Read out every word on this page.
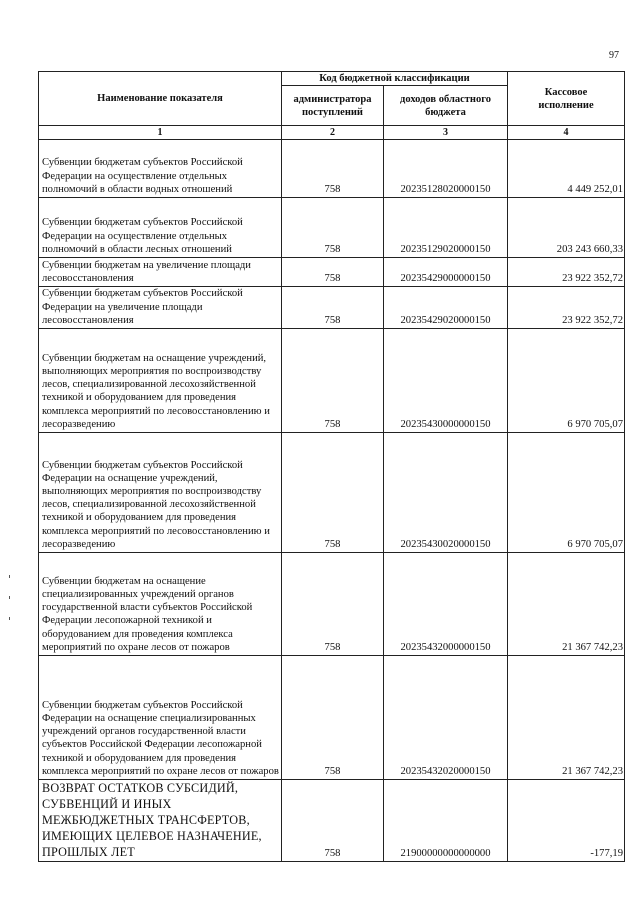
97
Наименование показателя	Код бюджетной классификации		Кассовое исполнение
	администратора поступлений	доходов областного бюджета	
1	2	3	4
Субвенции бюджетам субъектов Российской Федерации на осуществление отдельных полномочий в области водных отношений	758	20235128020000150	4 449 252,01
Субвенции бюджетам субъектов Российской Федерации на осуществление отдельных полномочий в области лесных отношений	758	20235129020000150	203 243 660,33
Субвенции бюджетам на увеличение площади лесовосстановления	758	20235429000000150	23 922 352,72
Субвенции бюджетам субъектов Российской Федерации на увеличение площади лесовосстановления	758	20235429020000150	23 922 352,72
Субвенции бюджетам на оснащение учреждений, выполняющих мероприятия по воспроизводству лесов, специализированной лесохозяйственной техникой и оборудованием для проведения комплекса мероприятий по лесовосстановлению и лесоразведению	758	20235430000000150	6 970 705,07
Субвенции бюджетам субъектов Российской Федерации на оснащение учреждений, выполняющих мероприятия по воспроизводству лесов, специализированной лесохозяйственной техникой и оборудованием для проведения комплекса мероприятий по лесовосстановлению и лесоразведению	758	20235430020000150	6 970 705,07
Субвенции бюджетам на оснащение специализированных учреждений органов государственной власти субъектов Российской Федерации лесопожарной техникой и оборудованием для проведения комплекса мероприятий по охране лесов от пожаров	758	20235432000000150	21 367 742,23
Субвенции бюджетам субъектов Российской Федерации на оснащение специализированных учреждений органов государственной власти субъектов Российской Федерации лесопожарной техникой и оборудованием для проведения комплекса мероприятий по охране лесов от пожаров	758	20235432020000150	21 367 742,23
ВОЗВРАТ ОСТАТКОВ СУБСИДИЙ, СУБВЕНЦИЙ И ИНЫХ МЕЖБЮДЖЕТНЫХ ТРАНСФЕРТОВ, ИМЕЮЩИХ ЦЕЛЕВОЕ НАЗНАЧЕНИЕ, ПРОШЛЫХ ЛЕТ	758	21900000000000000	-177,19
